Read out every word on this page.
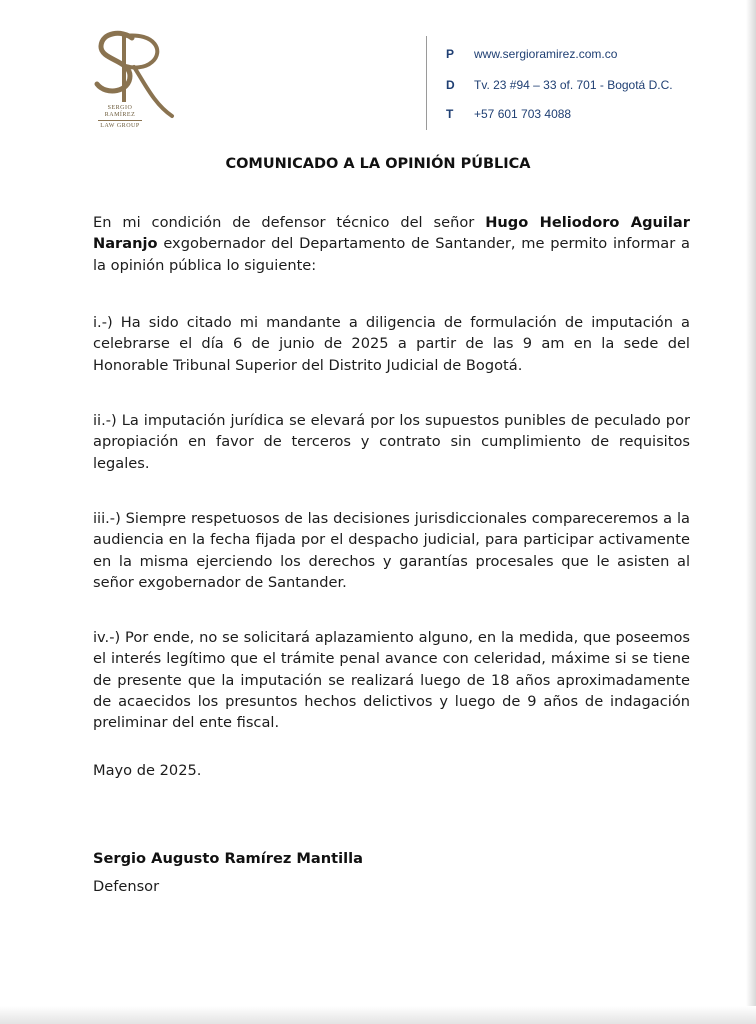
SERGIO
RAMÍREZ
LAW GROUP
P	www.sergioramirez.com.co
D	Tv. 23 #94 – 33 of. 701 - Bogotá D.C.
T	+57 601 703 4088
COMUNICADO A LA OPINIÓN PÚBLICA

En mi condición de defensor técnico del señor Hugo Heliodoro Aguilar Naranjo exgobernador del Departamento de Santander, me permito informar a la opinión pública lo siguiente:

i.-) Ha sido citado mi mandante a diligencia de formulación de imputación a celebrarse el día 6 de junio de 2025 a partir de las 9 am en la sede del Honorable Tribunal Superior del Distrito Judicial de Bogotá.

ii.-) La imputación jurídica se elevará por los supuestos punibles de peculado por apropiación en favor de terceros y contrato sin cumplimiento de requisitos legales.

iii.-) Siempre respetuosos de las decisiones jurisdiccionales compareceremos a la audiencia en la fecha fijada por el despacho judicial, para participar activamente en la misma ejerciendo los derechos y garantías procesales que le asisten al señor exgobernador de Santander.

iv.-) Por ende, no se solicitará aplazamiento alguno, en la medida, que poseemos el interés legítimo que el trámite penal avance con celeridad, máxime si se tiene de presente que la imputación se realizará luego de 18 años aproximadamente de acaecidos los presuntos hechos delictivos y luego de 9 años de indagación preliminar del ente fiscal.

Mayo de 2025.
Sergio Augusto Ramírez Mantilla
Defensor
